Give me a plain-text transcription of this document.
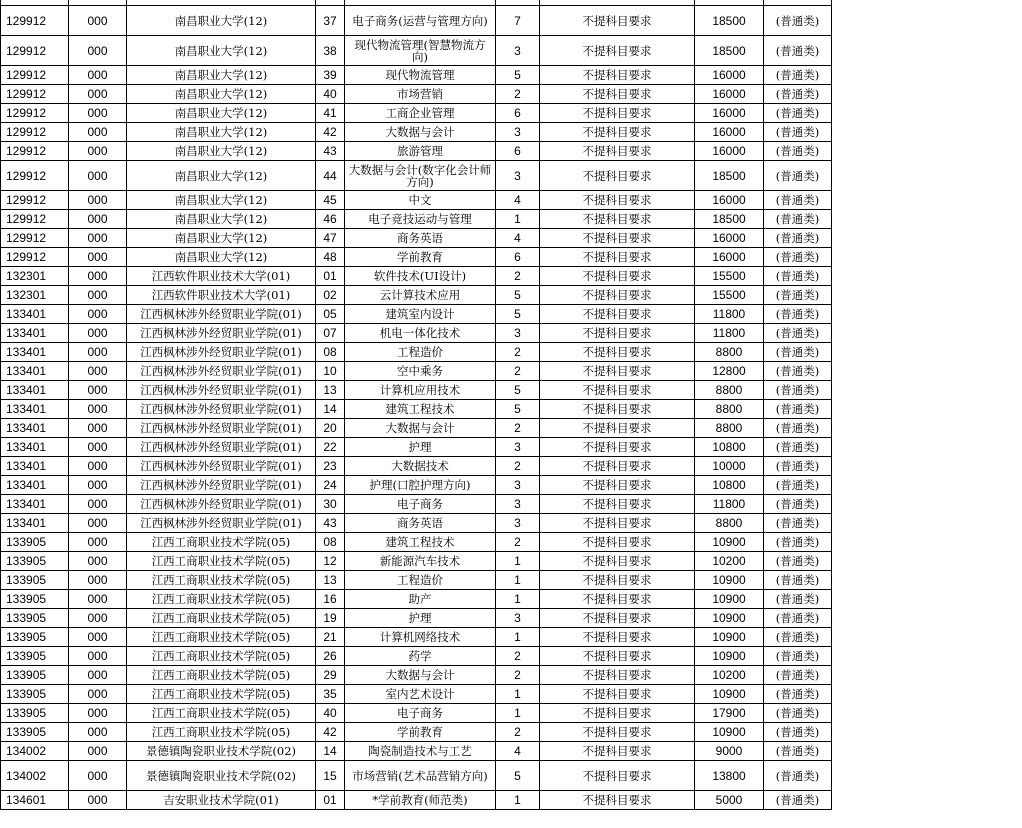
129912	000	南昌职业大学(12)	37	电子商务(运营与管理方向)	7	不提科目要求	18500	(普通类)
129912	000	南昌职业大学(12)	38	现代物流管理(智慧物流方向)	3	不提科目要求	18500	(普通类)
129912	000	南昌职业大学(12)	39	现代物流管理	5	不提科目要求	16000	(普通类)
129912	000	南昌职业大学(12)	40	市场营销	2	不提科目要求	16000	(普通类)
129912	000	南昌职业大学(12)	41	工商企业管理	6	不提科目要求	16000	(普通类)
129912	000	南昌职业大学(12)	42	大数据与会计	3	不提科目要求	16000	(普通类)
129912	000	南昌职业大学(12)	43	旅游管理	6	不提科目要求	16000	(普通类)
129912	000	南昌职业大学(12)	44	大数据与会计(数字化会计师方向)	3	不提科目要求	18500	(普通类)
129912	000	南昌职业大学(12)	45	中文	4	不提科目要求	16000	(普通类)
129912	000	南昌职业大学(12)	46	电子竞技运动与管理	1	不提科目要求	18500	(普通类)
129912	000	南昌职业大学(12)	47	商务英语	4	不提科目要求	16000	(普通类)
129912	000	南昌职业大学(12)	48	学前教育	6	不提科目要求	16000	(普通类)
132301	000	江西软件职业技术大学(01)	01	软件技术(UI设计)	2	不提科目要求	15500	(普通类)
132301	000	江西软件职业技术大学(01)	02	云计算技术应用	5	不提科目要求	15500	(普通类)
133401	000	江西枫林涉外经贸职业学院(01)	05	建筑室内设计	5	不提科目要求	11800	(普通类)
133401	000	江西枫林涉外经贸职业学院(01)	07	机电一体化技术	3	不提科目要求	11800	(普通类)
133401	000	江西枫林涉外经贸职业学院(01)	08	工程造价	2	不提科目要求	8800	(普通类)
133401	000	江西枫林涉外经贸职业学院(01)	10	空中乘务	2	不提科目要求	12800	(普通类)
133401	000	江西枫林涉外经贸职业学院(01)	13	计算机应用技术	5	不提科目要求	8800	(普通类)
133401	000	江西枫林涉外经贸职业学院(01)	14	建筑工程技术	5	不提科目要求	8800	(普通类)
133401	000	江西枫林涉外经贸职业学院(01)	20	大数据与会计	2	不提科目要求	8800	(普通类)
133401	000	江西枫林涉外经贸职业学院(01)	22	护理	3	不提科目要求	10800	(普通类)
133401	000	江西枫林涉外经贸职业学院(01)	23	大数据技术	2	不提科目要求	10000	(普通类)
133401	000	江西枫林涉外经贸职业学院(01)	24	护理(口腔护理方向)	3	不提科目要求	10800	(普通类)
133401	000	江西枫林涉外经贸职业学院(01)	30	电子商务	3	不提科目要求	11800	(普通类)
133401	000	江西枫林涉外经贸职业学院(01)	43	商务英语	3	不提科目要求	8800	(普通类)
133905	000	江西工商职业技术学院(05)	08	建筑工程技术	2	不提科目要求	10900	(普通类)
133905	000	江西工商职业技术学院(05)	12	新能源汽车技术	1	不提科目要求	10200	(普通类)
133905	000	江西工商职业技术学院(05)	13	工程造价	1	不提科目要求	10900	(普通类)
133905	000	江西工商职业技术学院(05)	16	助产	1	不提科目要求	10900	(普通类)
133905	000	江西工商职业技术学院(05)	19	护理	3	不提科目要求	10900	(普通类)
133905	000	江西工商职业技术学院(05)	21	计算机网络技术	1	不提科目要求	10900	(普通类)
133905	000	江西工商职业技术学院(05)	26	药学	2	不提科目要求	10900	(普通类)
133905	000	江西工商职业技术学院(05)	29	大数据与会计	2	不提科目要求	10200	(普通类)
133905	000	江西工商职业技术学院(05)	35	室内艺术设计	1	不提科目要求	10900	(普通类)
133905	000	江西工商职业技术学院(05)	40	电子商务	1	不提科目要求	17900	(普通类)
133905	000	江西工商职业技术学院(05)	42	学前教育	2	不提科目要求	10900	(普通类)
134002	000	景德镇陶瓷职业技术学院(02)	14	陶瓷制造技术与工艺	4	不提科目要求	9000	(普通类)
134002	000	景德镇陶瓷职业技术学院(02)	15	市场营销(艺术品营销方向)	5	不提科目要求	13800	(普通类)
134601	000	吉安职业技术学院(01)	01	*学前教育(师范类)	1	不提科目要求	5000	(普通类)
